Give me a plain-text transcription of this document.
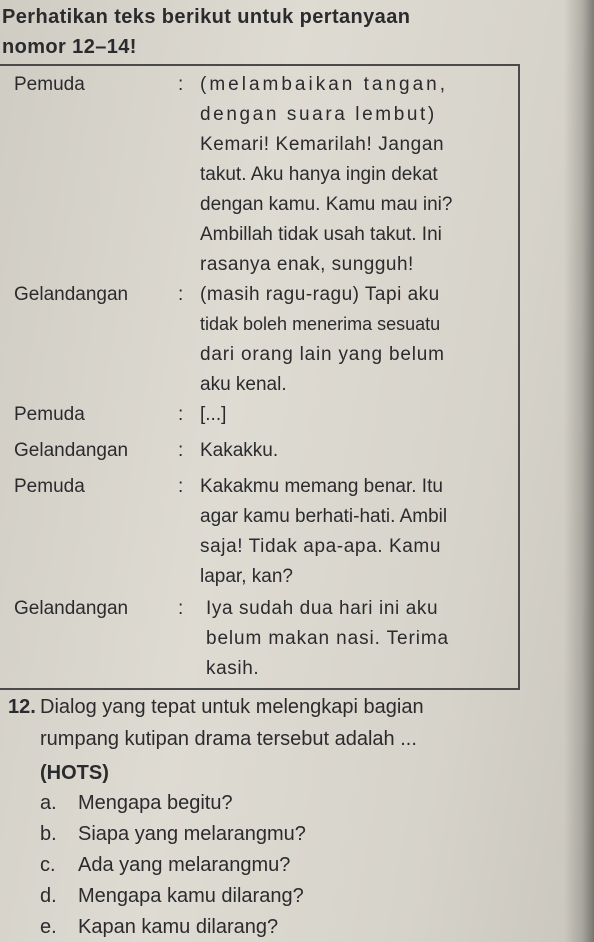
Perhatikan teks berikut untuk pertanyaan
nomor 12–14!
Pemuda	: (melambaikan tangan,
dengan suara lembut)
Kemari! Kemarilah! Jangan
takut. Aku hanya ingin dekat
dengan kamu. Kamu mau ini?
Ambillah tidak usah takut. Ini
rasanya enak, sungguh!
Gelandangan	: (masih ragu-ragu) Tapi aku
tidak boleh menerima sesuatu
dari orang lain yang belum
aku kenal.
Pemuda	: [...]
Gelandangan	: Kakakku.
Pemuda	: Kakakmu memang benar. Itu
agar kamu berhati-hati. Ambil
saja! Tidak apa-apa. Kamu
lapar, kan?
Gelandangan	: Iya sudah dua hari ini aku
belum makan nasi. Terima
kasih.
12. Dialog yang tepat untuk melengkapi bagian
rumpang kutipan drama tersebut adalah ...
(HOTS)
a. Mengapa begitu?
b. Siapa yang melarangmu?
c. Ada yang melarangmu?
d. Mengapa kamu dilarang?
e. Kapan kamu dilarang?
